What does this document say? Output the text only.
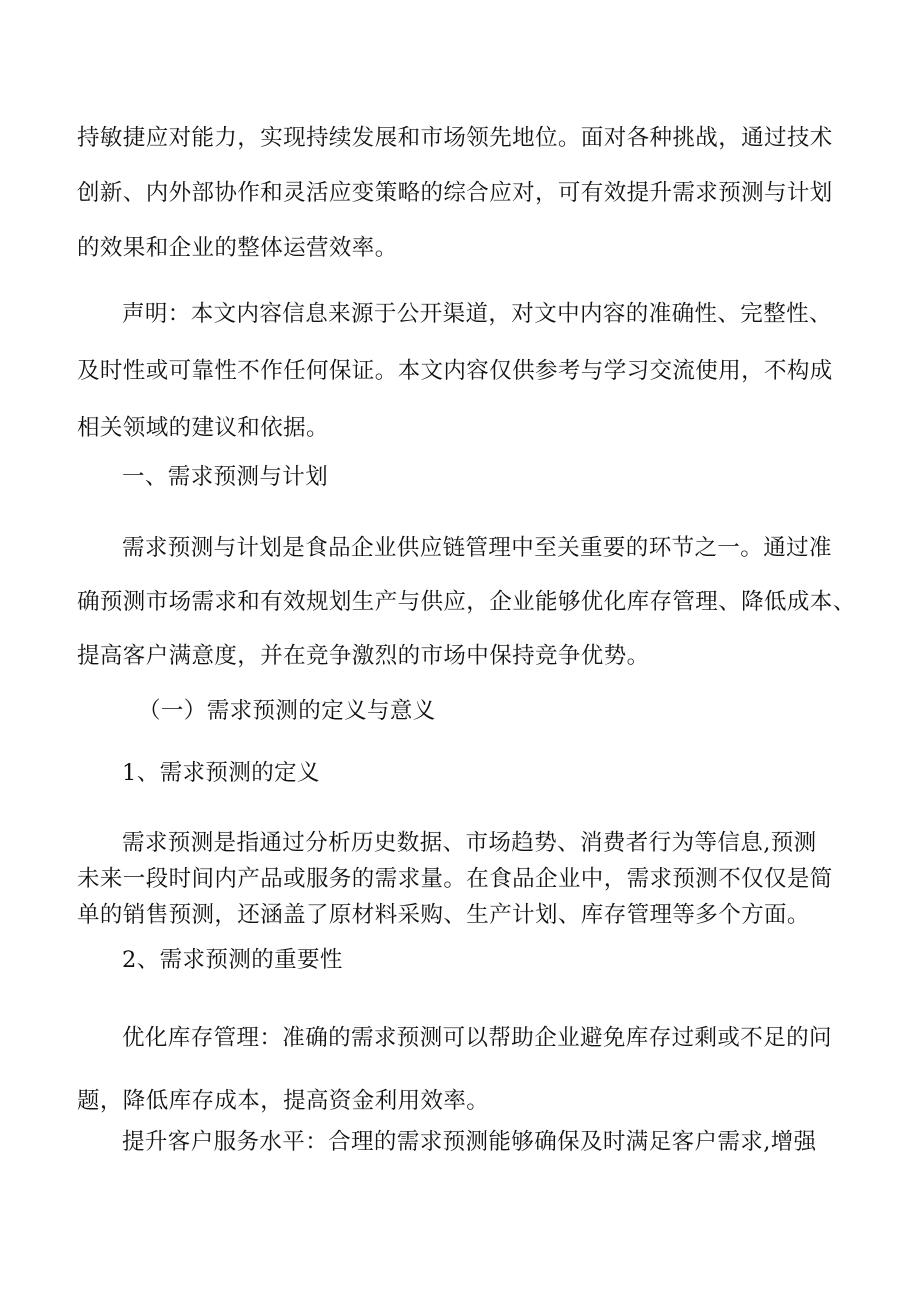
持敏捷应对能力，实现持续发展和市场领先地位。面对各种挑战，通过技术
创新、内外部协作和灵活应变策略的综合应对，可有效提升需求预测与计划
的效果和企业的整体运营效率。
声明：本文内容信息来源于公开渠道，对文中内容的准确性、完整性、
及时性或可靠性不作任何保证。本文内容仅供参考与学习交流使用，不构成
相关领域的建议和依据。
一、需求预测与计划
需求预测与计划是食品企业供应链管理中至关重要的环节之一。通过准
确预测市场需求和有效规划生产与供应，企业能够优化库存管理、降低成本、
提高客户满意度，并在竞争激烈的市场中保持竞争优势。
（一）需求预测的定义与意义
1、需求预测的定义
需求预测是指通过分析历史数据、市场趋势、消费者行为等信息,预测
未来一段时间内产品或服务的需求量。在食品企业中，需求预测不仅仅是简
单的销售预测，还涵盖了原材料采购、生产计划、库存管理等多个方面。
2、需求预测的重要性
优化库存管理：准确的需求预测可以帮助企业避免库存过剩或不足的问
题，降低库存成本，提高资金利用效率。
提升客户服务水平：合理的需求预测能够确保及时满足客户需求,增强
